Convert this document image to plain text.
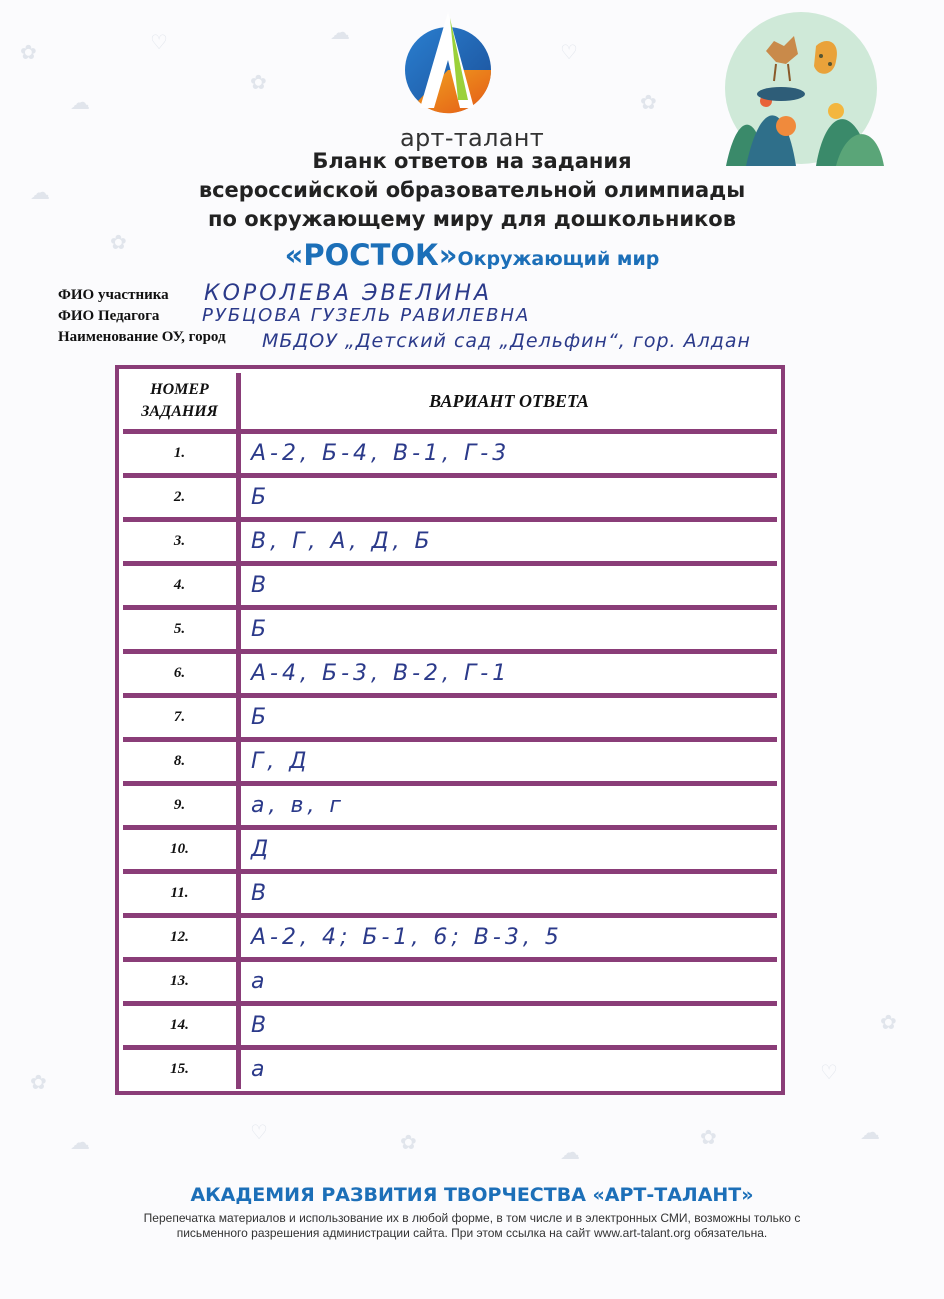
✿
☁
♡
✿
☁
♡
✿
☁
✿
✿
☁
♡
☁
✿
✿	☁
♡	✿
арт-талант
Бланк ответов на задания
всероссийской образовательной олимпиады
по окружающему миру для дошкольников
«РОСТОК»Окружающий мир
ФИО участника КОРОЛЕВА ЭВЕЛИНА
ФИО Педагога РУБЦОВА ГУЗЕЛЬ РАВИЛЕВНА
Наименование ОУ, город МБДОУ „Детский сад „Дельфин“, гор. Алдан
НОМЕР ЗАДАНИЯ
ВАРИАНТ ОТВЕТА
1.	А-2, Б-4, В-1, Г-3
2.	Б
3.	В, Г, А, Д, Б
4.	В
5.	Б
6.	А-4, Б-3, В-2, Г-1
7.	Б
8.	Г, Д
9.	а, в, г
10.	Д
11.	В
12.	А-2, 4; Б-1, 6; В-3, 5
13.	а
14.	В
15.	а
АКАДЕМИЯ РАЗВИТИЯ ТВОРЧЕСТВА «АРТ-ТАЛАНТ»
Перепечатка материалов и использование их в любой форме, в том числе и в электронных СМИ, возможны только с
письменного разрешения администрации сайта. При этом ссылка на сайт www.art-talant.org обязательна.
